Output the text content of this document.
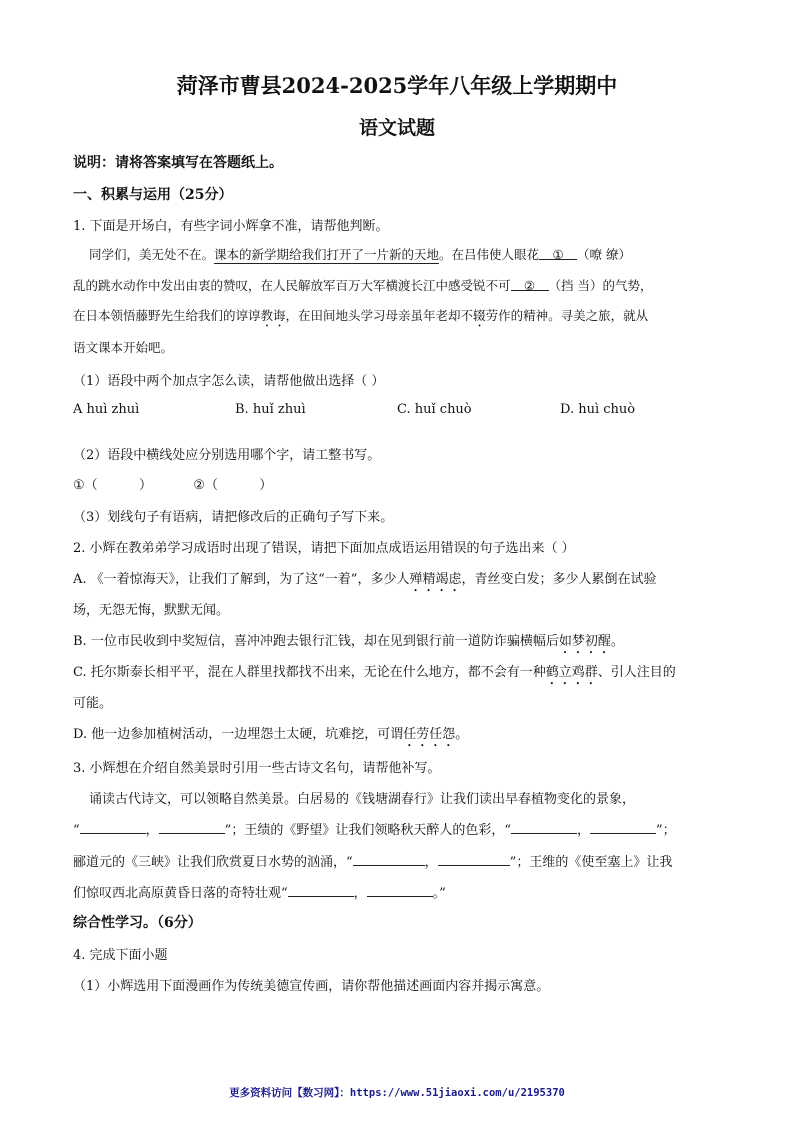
菏泽市曹县2024-2025学年八年级上学期期中
语文试题
说明：请将答案填写在答题纸上。
一、积累与运用（25分）
1. 下面是开场白，有些字词小辉拿不准，请帮他判断。
同学们，美无处不在。课本的新学期给我们打开了一片新的天地。在吕伟使人眼花 ① （嘹 缭）
乱的跳水动作中发出由衷的赞叹，在人民解放军百万大军横渡长江中感受锐不可 ② （挡 当）的气势，
在日本领悟藤野先生给我们的谆谆教诲，在田间地头学习母亲虽年老却不辍劳作的精神。寻美之旅，就从
语文课本开始吧。
（1）语段中两个加点字怎么读，请帮他做出选择（ ）
A huì zhuì	B. huǐ zhuì	C. huǐ chuò	D. huì chuò
（2）语段中横线处应分别选用哪个字，请工整书写。
①（          ）          ②（          ）
（3）划线句子有语病，请把修改后的正确句子写下来。
2. 小辉在教弟弟学习成语时出现了错误，请把下面加点成语运用错误的句子选出来（ ）
A. 《一着惊海天》，让我们了解到，为了这“一着”，多少人殚精竭虑，青丝变白发；多少人累倒在试验
场，无怨无悔，默默无闻。
B. 一位市民收到中奖短信，喜冲冲跑去银行汇钱，却在见到银行前一道防诈骗横幅后如梦初醒。
C. 托尔斯泰长相平平，混在人群里找都找不出来，无论在什么地方，都不会有一种鹤立鸡群、引人注目的
可能。
D. 他一边参加植树活动，一边埋怨土太硬，坑难挖，可谓任劳任怨。
3. 小辉想在介绍自然美景时引用一些古诗文名句，请帮他补写。
诵读古代诗文，可以领略自然美景。白居易的《钱塘湖春行》让我们读出早春植物变化的景象，
“	，	”；王绩的《野望》让我们领略秋天醉人的色彩，“	，	”；
郦道元的《三峡》让我们欣赏夏日水势的汹涌，“	，	”；王维的《使至塞上》让我
们惊叹西北高原黄昏日落的奇特壮观“	，	。”
综合性学习。（6分）
4. 完成下面小题
（1）小辉选用下面漫画作为传统美德宣传画，请你帮他描述画面内容并揭示寓意。
更多资料访问【数习网】：https://www.51jiaoxi.com/u/2195370
